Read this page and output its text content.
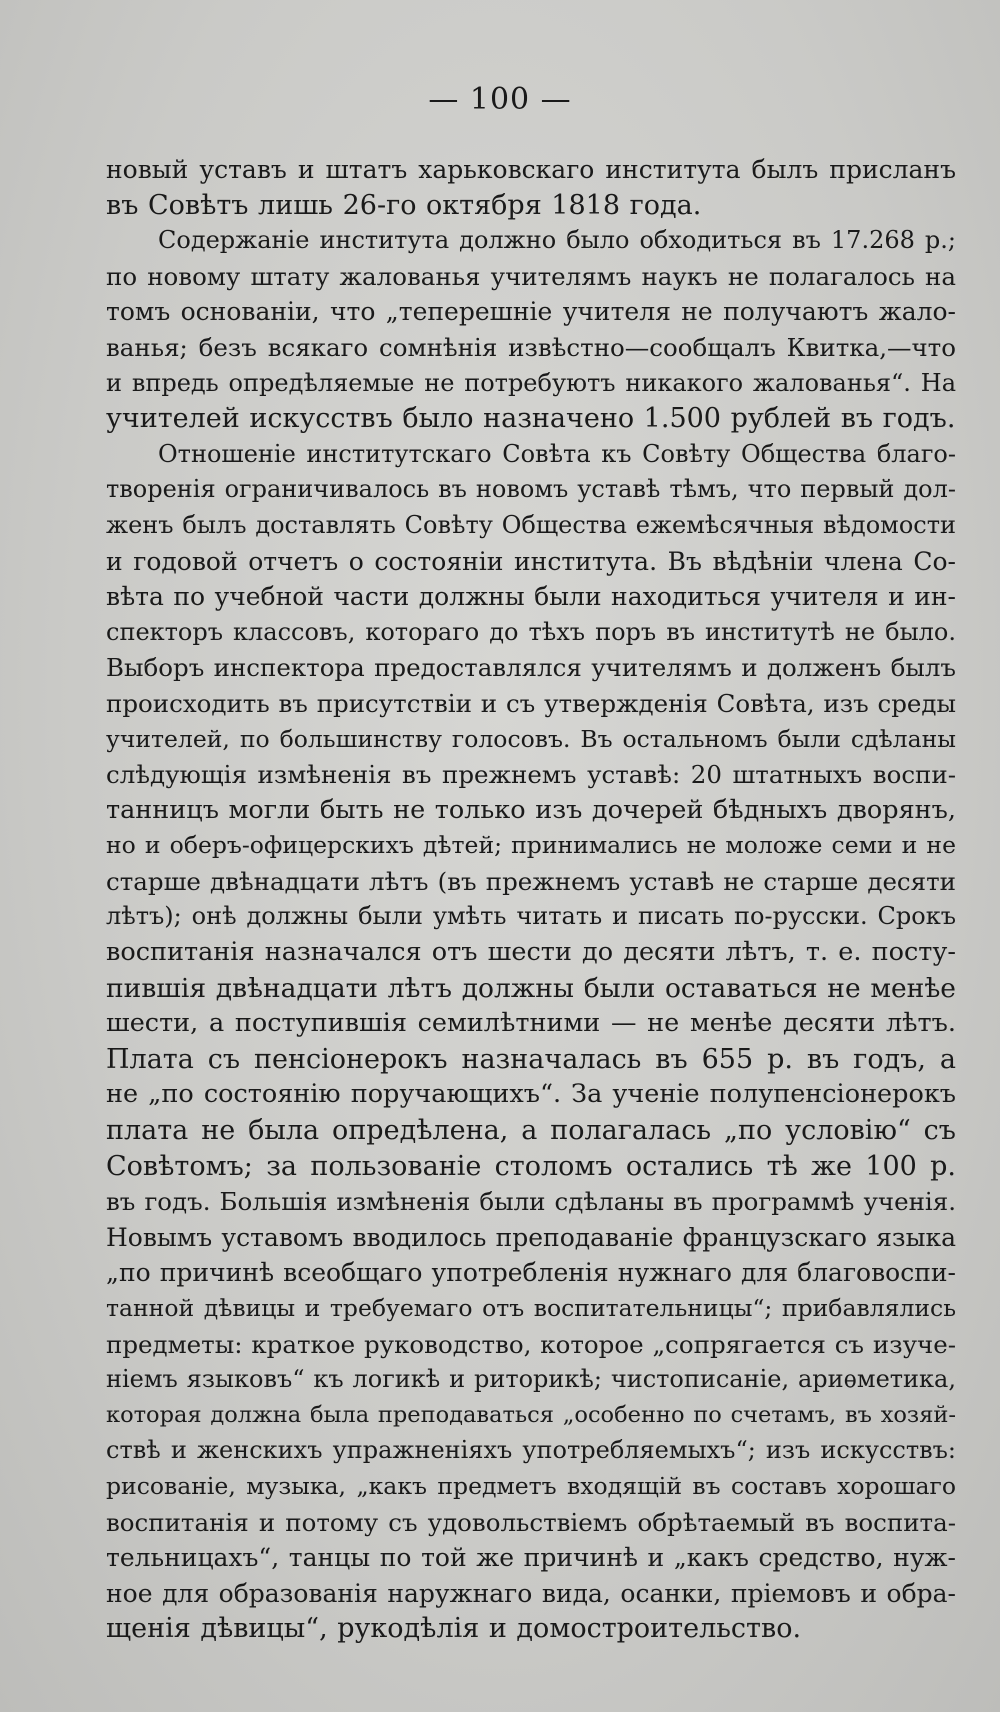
— 100 —
новый уставъ и штатъ харьковскаго института былъ присланъ
въ Совѣтъ лишь 26-го октября 1818 года.
Содержаніе института должно было обходиться въ 17.268 р.;
по новому штату жалованья учителямъ наукъ не полагалось на
томъ основаніи, что „теперешніе учителя не получаютъ жало-
ванья; безъ всякаго сомнѣнія извѣстно—сообщалъ Квитка,—что
и впредь опредѣляемые не потребуютъ никакого жалованья“. На
учителей искусствъ было назначено 1.500 рублей въ годъ.
Отношеніе институтскаго Совѣта къ Совѣту Общества благо-
творенія ограничивалось въ новомъ уставѣ тѣмъ, что первый дол-
женъ былъ доставлять Совѣту Общества ежемѣсячныя вѣдомости
и годовой отчетъ о состояніи института. Въ вѣдѣніи члена Со-
вѣта по учебной части должны были находиться учителя и ин-
спекторъ классовъ, котораго до тѣхъ поръ въ институтѣ не было.
Выборъ инспектора предоставлялся учителямъ и долженъ былъ
происходить въ присутствіи и съ утвержденія Совѣта, изъ среды
учителей, по большинству голосовъ. Въ остальномъ были сдѣланы
слѣдующія измѣненія въ прежнемъ уставѣ: 20 штатныхъ воспи-
танницъ могли быть не только изъ дочерей бѣдныхъ дворянъ,
но и оберъ-офицерскихъ дѣтей; принимались не моложе семи и не
старше двѣнадцати лѣтъ (въ прежнемъ уставѣ не старше десяти
лѣтъ); онѣ должны были умѣть читать и писать по-русски. Срокъ
воспитанія назначался отъ шести до десяти лѣтъ, т. е. посту-
пившія двѣнадцати лѣтъ должны были оставаться не менѣе
шести, а поступившія семилѣтними — не менѣе десяти лѣтъ.
Плата съ пенсіонерокъ назначалась въ 655 р. въ годъ, а
не „по состоянію поручающихъ“. За ученіе полупенсіонерокъ
плата не была опредѣлена, а полагалась „по условію“ съ
Совѣтомъ; за пользованіе столомъ остались тѣ же 100 р.
въ годъ. Большія измѣненія были сдѣланы въ программѣ ученія.
Новымъ уставомъ вводилось преподаваніе французскаго языка
„по причинѣ всеобщаго употребленія нужнаго для благовоспи-
танной дѣвицы и требуемаго отъ воспитательницы“; прибавлялись
предметы: краткое руководство, которое „сопрягается съ изуче-
ніемъ языковъ“ къ логикѣ и риторикѣ; чистописаніе, ариѳметика,
которая должна была преподаваться „особенно по счетамъ, въ хозяй-
ствѣ и женскихъ упражненіяхъ употребляемыхъ“; изъ искусствъ:
рисованіе, музыка, „какъ предметъ входящій въ составъ хорошаго
воспитанія и потому съ удовольствіемъ обрѣтаемый въ воспита-
тельницахъ“, танцы по той же причинѣ и „какъ средство, нуж-
ное для образованія наружнаго вида, осанки, пріемовъ и обра-
щенія дѣвицы“, рукодѣлія и домостроительство.
